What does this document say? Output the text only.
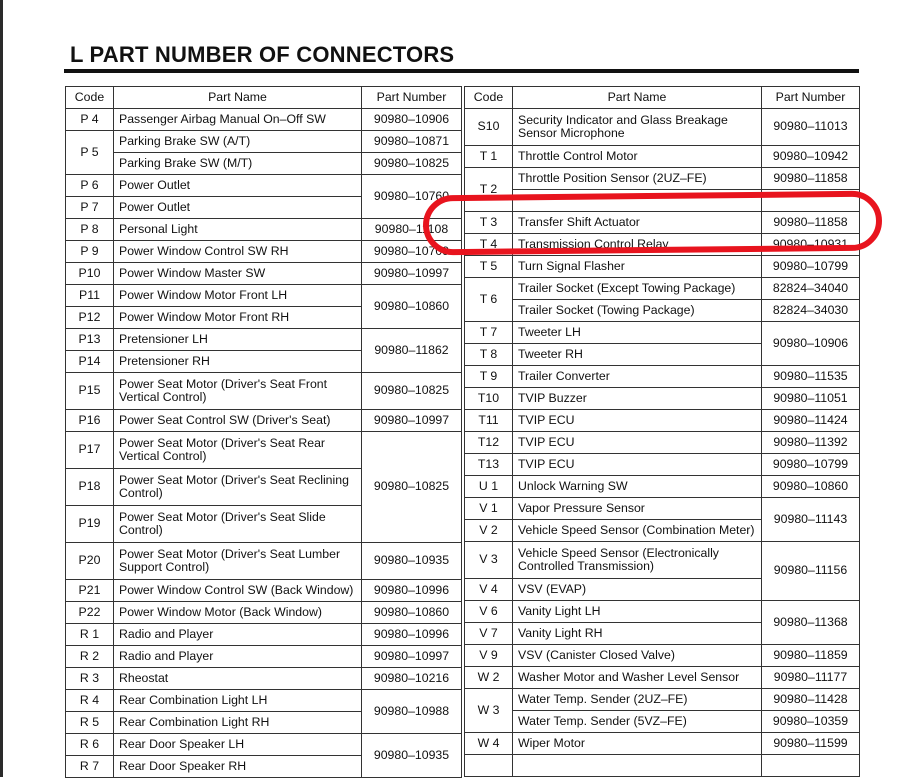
L PART NUMBER OF CONNECTORS
Code	Part Name	Part Number
P 4	Passenger Airbag Manual On–Off SW	90980–10906
P 5	Parking Brake SW (A/T)	90980–10871
	Parking Brake SW (M/T)	90980–10825
P 6	Power Outlet	90980–10760
P 7	Power Outlet	
P 8	Personal Light	90980–11108
P 9	Power Window Control SW RH	90980–10709
P10	Power Window Master SW	90980–10997
P11	Power Window Motor Front LH	90980–10860
P12	Power Window Motor Front RH	
P13	Pretensioner LH	90980–11862
P14	Pretensioner RH	
P15	Power Seat Motor (Driver's Seat Front Vertical Control)	90980–10825
P16	Power Seat Control SW (Driver's Seat)	90980–10997
P17	Power Seat Motor (Driver's Seat Rear Vertical Control)	90980–10825
P18	Power Seat Motor (Driver's Seat Reclining Control)	
P19	Power Seat Motor (Driver's Seat Slide Control)	
P20	Power Seat Motor (Driver's Seat Lumber Support Control)	90980–10935
P21	Power Window Control SW (Back Window)	90980–10996
P22	Power Window Motor (Back Window)	90980–10860
R 1	Radio and Player	90980–10996
R 2	Radio and Player	90980–10997
R 3	Rheostat	90980–10216
R 4	Rear Combination Light LH	90980–10988
R 5	Rear Combination Light RH	
R 6	Rear Door Speaker LH	90980–10935
R 7	Rear Door Speaker RH	
Code	Part Name	Part Number
S10	Security Indicator and Glass Breakage Sensor Microphone	90980–11013
T 1	Throttle Control Motor	90980–10942
T 2	Throttle Position Sensor (2UZ–FE)	90980–11858

T 3	Transfer Shift Actuator	90980–11858
T 4	Transmission Control Relay	90980–10931
T 5	Turn Signal Flasher	90980–10799
T 6	Trailer Socket (Except Towing Package)	82824–34040
	Trailer Socket (Towing Package)	82824–34030
T 7	Tweeter LH	90980–10906
T 8	Tweeter RH	
T 9	Trailer Converter	90980–11535
T10	TVIP Buzzer	90980–11051
T11	TVIP ECU	90980–11424
T12	TVIP ECU	90980–11392
T13	TVIP ECU	90980–10799
U 1	Unlock Warning SW	90980–10860
V 1	Vapor Pressure Sensor	90980–11143
V 2	Vehicle Speed Sensor (Combination Meter)	
V 3	Vehicle Speed Sensor (Electronically Controlled Transmission)	90980–11156
V 4	VSV (EVAP)	
V 6	Vanity Light LH	90980–11368
V 7	Vanity Light RH	
V 9	VSV (Canister Closed Valve)	90980–11859
W 2	Washer Motor and Washer Level Sensor	90980–11177
W 3	Water Temp. Sender (2UZ–FE)	90980–11428
	Water Temp. Sender (5VZ–FE)	90980–10359
W 4	Wiper Motor	90980–11599
